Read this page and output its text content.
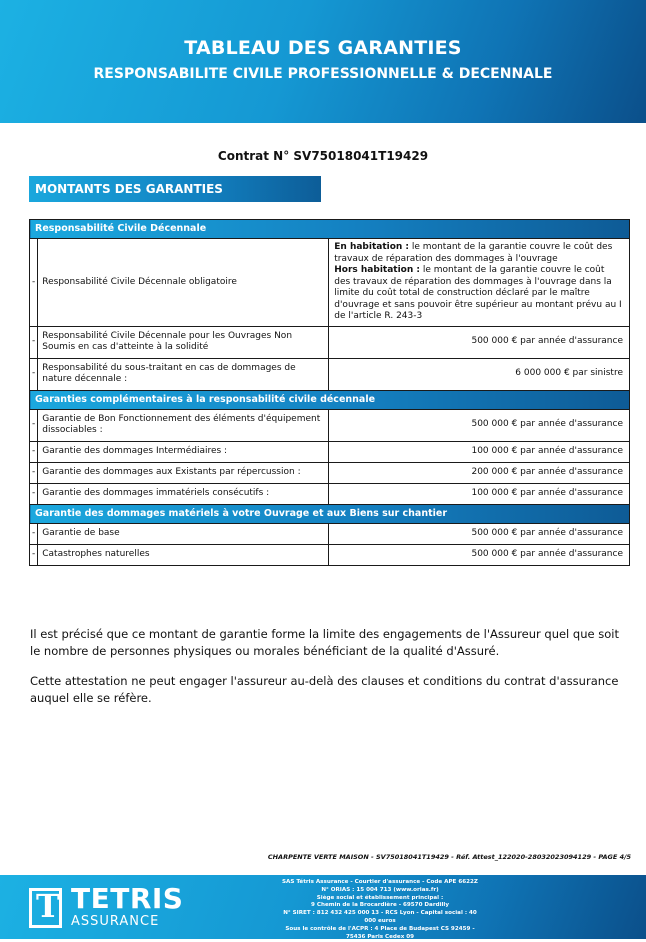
TABLEAU DES GARANTIES
RESPONSABILITE CIVILE PROFESSIONNELLE & DECENNALE
Contrat N° SV75018041T19429
MONTANTS DES GARANTIES
Responsabilité Civile Décennale		
-	Responsabilité Civile Décennale obligatoire	En habitation : le montant de la garantie couvre le coût des travaux de réparation des dommages à l'ouvrage
Hors habitation : le montant de la garantie couvre le coût des travaux de réparation des dommages à l'ouvrage dans la limite du coût total de construction déclaré par le maître d'ouvrage et sans pouvoir être supérieur au montant prévu au I de l'article R. 243-3
-	Responsabilité Civile Décennale pour les Ouvrages Non Soumis en cas d'atteinte à la solidité	500 000 € par année d'assurance
-	Responsabilité du sous-traitant en cas de dommages de nature décennale :	6 000 000 € par sinistre
Garanties complémentaires à la responsabilité civile décennale		
-	Garantie de Bon Fonctionnement des éléments d'équipement dissociables :	500 000 € par année d'assurance
-	Garantie des dommages Intermédiaires :	100 000 € par année d'assurance
-	Garantie des dommages aux Existants par répercussion :	200 000 € par année d'assurance
-	Garantie des dommages immatériels consécutifs :	100 000 € par année d'assurance
Garantie des dommages matériels à votre Ouvrage et aux Biens sur chantier		
-	Garantie de base	500 000 € par année d'assurance
-	Catastrophes naturelles	500 000 € par année d'assurance
Il est précisé que ce montant de garantie forme la limite des engagements de l'Assureur quel que soit le nombre de personnes physiques ou morales bénéficiant de la qualité d'Assuré.
Cette attestation ne peut engager l'assureur au-delà des clauses et conditions du contrat d'assurance auquel elle se réfère.
CHARPENTE VERTE MAISON - SV75018041T19429 - Réf. Attest_122020-28032023094129 - PAGE 4/5
T TETRIS
ASSURANCE
SAS Tétris Assurance - Courtier d'assurance - Code APE 6622Z
N° ORIAS : 15 004 713 (www.orias.fr)
Siège social et établissement principal :
9 Chemin de la Brocardière - 69570 Dardilly
N° SIRET : 812 432 425 000 13 - RCS Lyon - Capital social : 40 000 euros
Sous le contrôle de l'ACPR : 4 Place de Budapest CS 92459 - 75436 Paris Cedex 09
